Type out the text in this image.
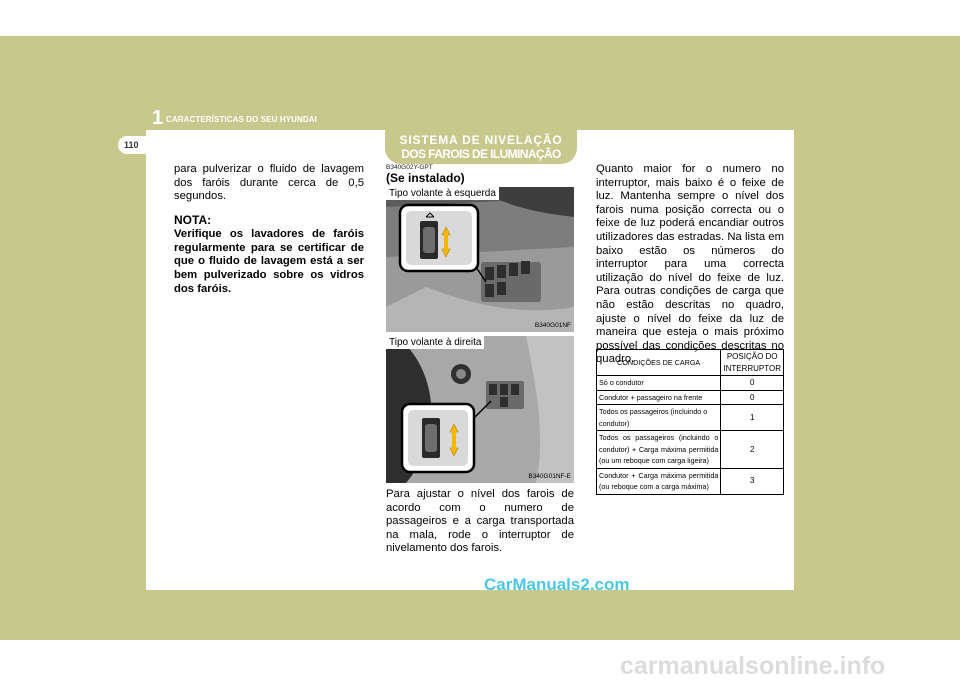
1 CARACTERÍSTICAS DO SEU HYUNDAI
110	SISTEMA DE NIVELAÇÃO
DOS FAROIS DE ILUMINAÇÃO
para pulverizar o fluido de lavagem dos faróis durante cerca de 0,5 segundos.
NOTA:
Verifique os lavadores de faróis regularmente para se certificar de que o fluido de lavagem está a ser bem pulverizado sobre os vidros dos faróis.
B340G02Y-GPT
(Se instalado)
Tipo volante à esquerda
B340G01NF
Tipo volante à direita
B340G01NF-E
Para ajustar o nível dos farois de acordo com o numero de passageiros e a carga transportada na mala, rode o interruptor de nivelamento dos farois.
Quanto maior for o numero no interruptor, mais baixo é o feixe de luz. Mantenha sempre o nível dos farois numa posição correcta ou o feixe de luz poderá encandiar outros utilizadores das estradas. Na lista em baixo estão os números do interruptor para uma correcta utilização do nível do feixe de luz. Para outras condições de carga que não estão descritas no quadro, ajuste o nível do feixe da luz de maneira que esteja o mais próximo possível das condições descritas no quadro.
CONDIÇÕES DE CARGA	POSIÇÃO DO INTERRUPTOR
Só o condutor	0
Condutor + passageiro na frente	0
Todos os passageiros (incluindo o condutor)	1
Todos os passageiros (incluindo o condutor) + Carga máxima permitida (ou um reboque com carga ligeira)	2
Condutor + Carga máxima permitida (ou reboque com a carga máxima)	3
CarManuals2.com
carmanualsonline.info
